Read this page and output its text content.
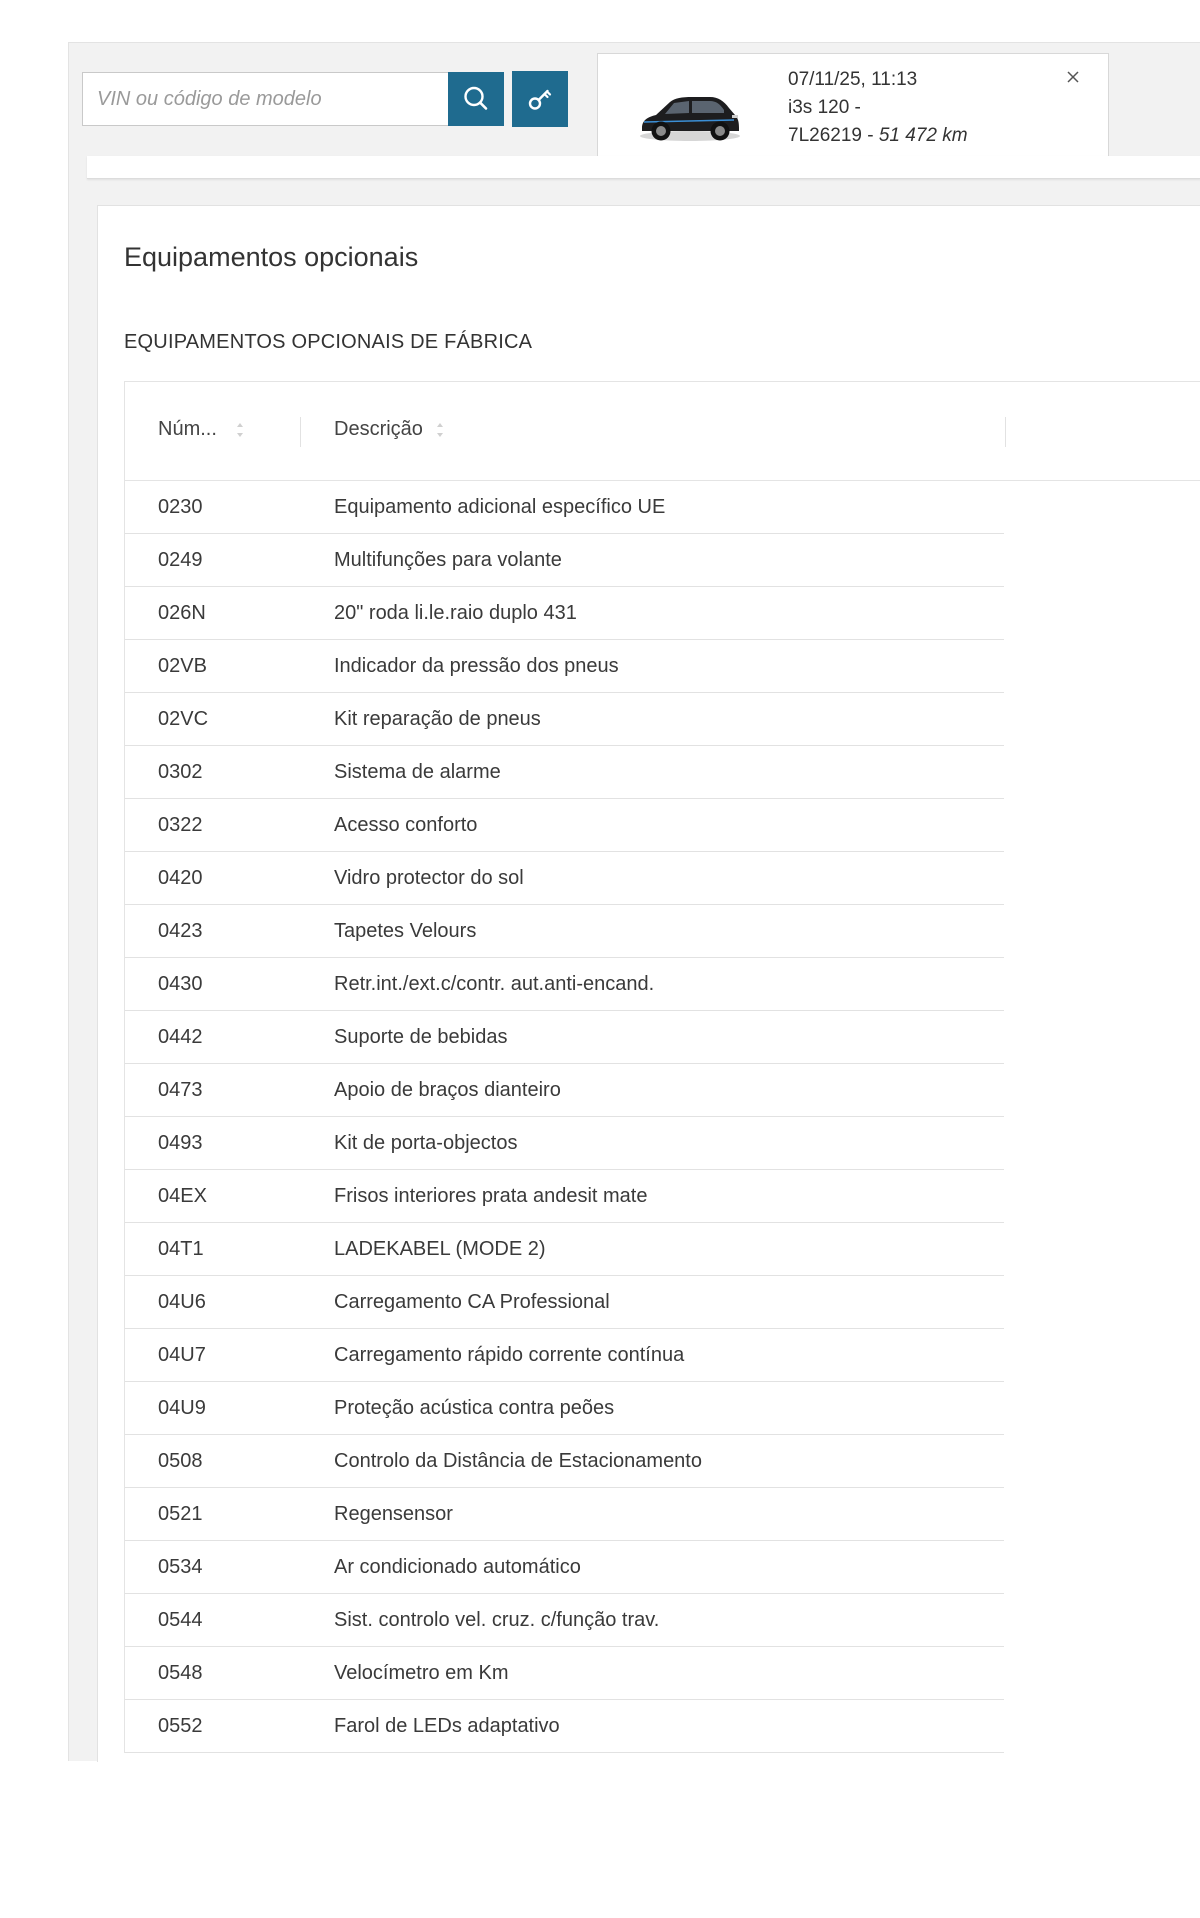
VIN ou código de modelo
07/11/25, 11:13
i3s 120 -
7L26219 - 51 472 km
Equipamentos opcionais
EQUIPAMENTOS OPCIONAIS DE FÁBRICA
Núm...	Descrição
0230	Equipamento adicional específico UE
0249	Multifunções para volante
026N	20" roda li.le.raio duplo 431
02VB	Indicador da pressão dos pneus
02VC	Kit reparação de pneus
0302	Sistema de alarme
0322	Acesso conforto
0420	Vidro protector do sol
0423	Tapetes Velours
0430	Retr.int./ext.c/contr. aut.anti-encand.
0442	Suporte de bebidas
0473	Apoio de braços dianteiro
0493	Kit de porta-objectos
04EX	Frisos interiores prata andesit mate
04T1	LADEKABEL (MODE 2)
04U6	Carregamento CA Professional
04U7	Carregamento rápido corrente contínua
04U9	Proteção acústica contra peões
0508	Controlo da Distância de Estacionamento
0521	Regensensor
0534	Ar condicionado automático
0544	Sist. controlo vel. cruz. c/função trav.
0548	Velocímetro em Km
0552	Farol de LEDs adaptativo
